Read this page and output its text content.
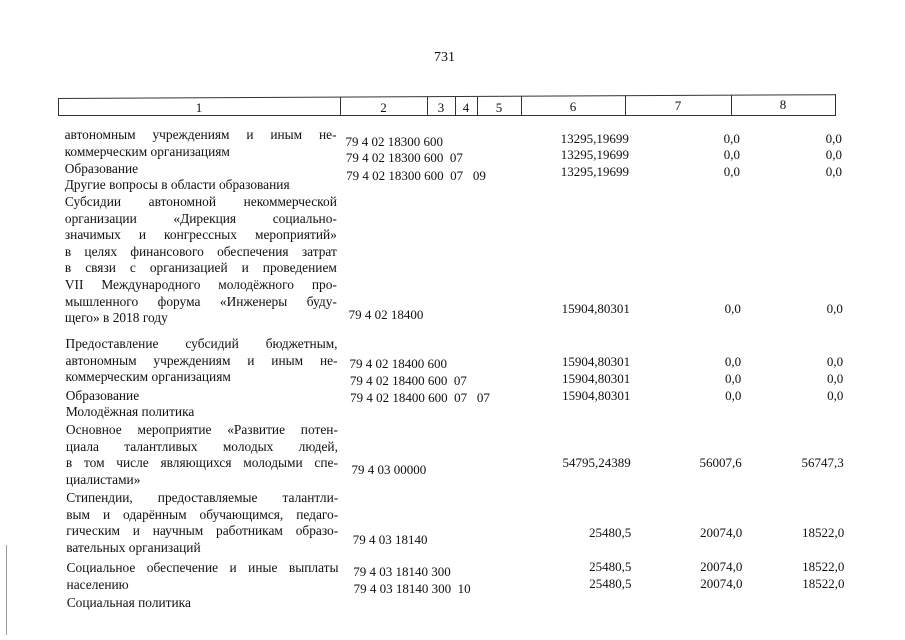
731
1	2	3	4	5	6	7	8
автономным учреждениям и иным не-
коммерческим организациям
79 4 02 18300 600	13295,19699	0,0	0,0
Образование
79 4 02 18300 600  07	13295,19699	0,0	0,0
Другие вопросы в области образования
79 4 02 18300 600  07   09	13295,19699	0,0	0,0
Субсидии автономной некоммерческой
организации «Дирекция социально-
значимых и конгрессных мероприятий»
в целях финансового обеспечения затрат
в связи с организацией и проведением
VII Международного молодёжного про-
мышленного форума «Инженеры буду-
щего» в 2018 году	79 4 02 18400	15904,80301	0,0	0,0
Предоставление субсидий бюджетным,
автономным учреждениям и иным не-
коммерческим организациям
79 4 02 18400 600	15904,80301	0,0	0,0
Образование
79 4 02 18400 600  07	15904,80301	0,0	0,0
Молодёжная политика
79 4 02 18400 600  07   07	15904,80301	0,0	0,0
Основное мероприятие «Развитие потен-
циала талантливых молодых людей,
в том числе являющихся молодыми спе-
циалистами»
79 4 03 00000	54795,24389	56007,6	56747,3
Стипендии, предоставляемые талантли-
вым и одарённым обучающимся, педаго-
гическим и научным работникам образо-
вательных организаций
79 4 03 18140	25480,5	20074,0	18522,0
Социальное обеспечение и иные выплаты
населению
79 4 03 18140 300	25480,5	20074,0	18522,0
Социальная политика
79 4 03 18140 300  10	25480,5	20074,0	18522,0
